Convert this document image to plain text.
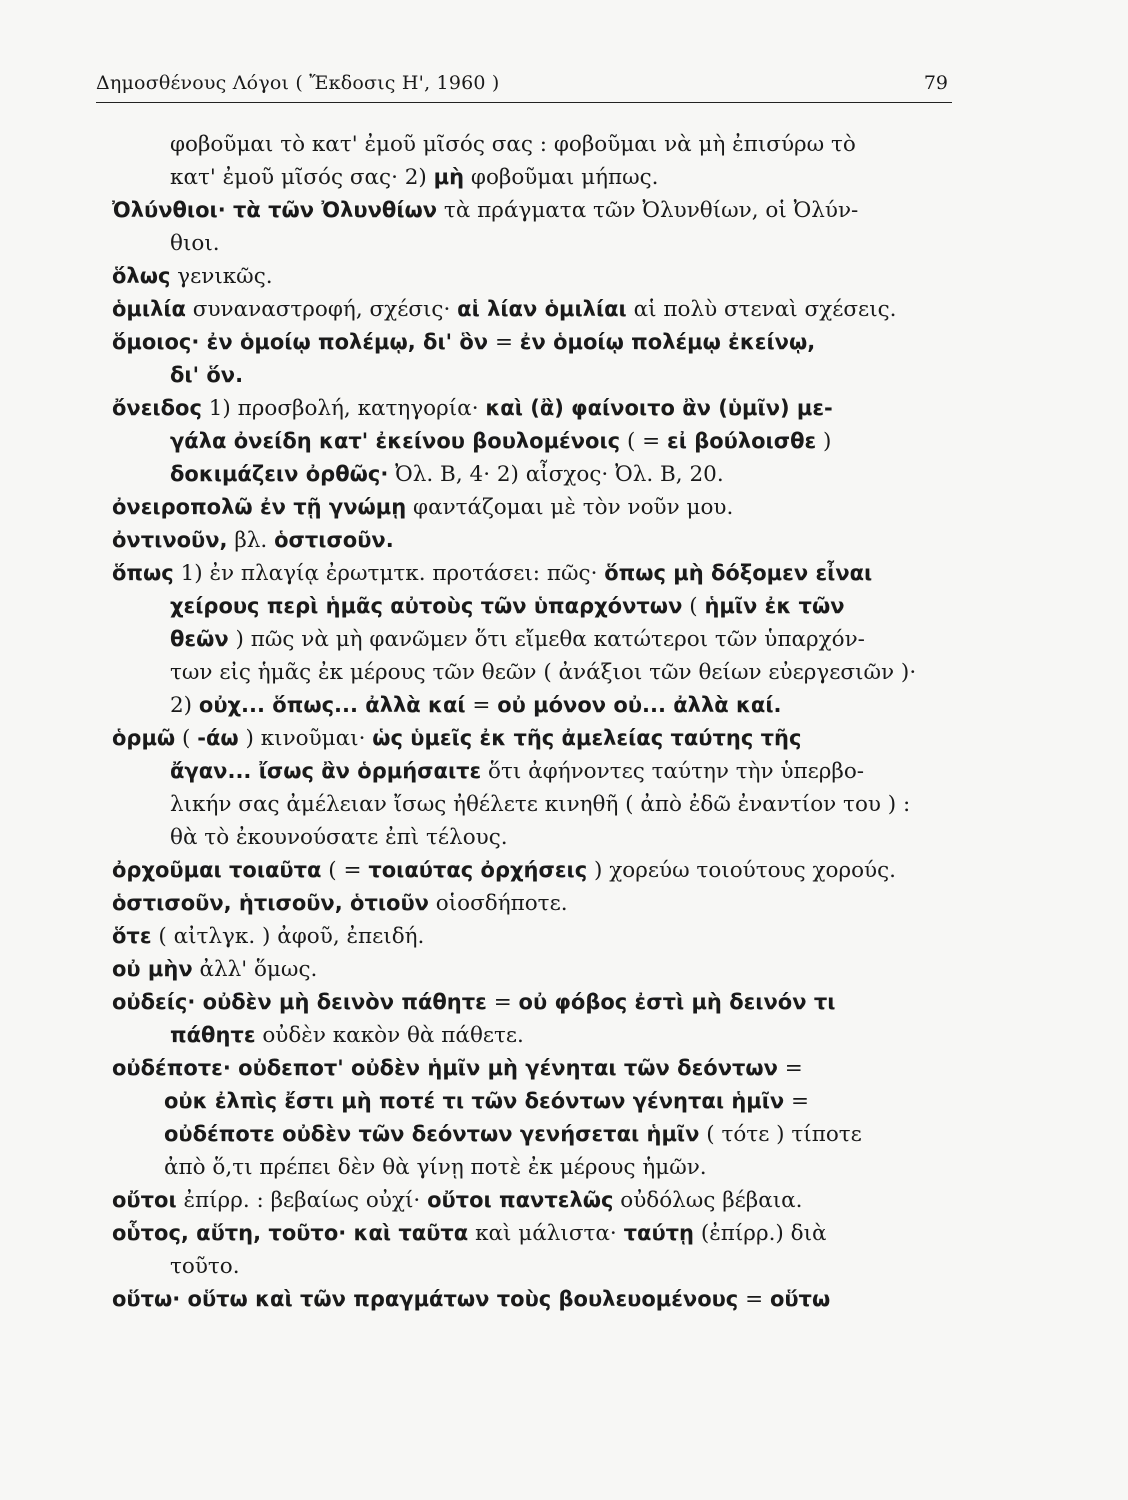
Δημοσθένους Λόγοι ( Ἔκδοσις Η', 1960 )	79
φοβοῦμαι τὸ κατ' ἐμοῦ μῖσός σας : φοβοῦμαι νὰ μὴ ἐπισύρω τὸ
κατ' ἐμοῦ μῖσός σας· 2) μὴ φοβοῦμαι μήπως.
Ὀλύνθιοι· τὰ τῶν Ὀλυνθίων τὰ πράγματα τῶν Ὀλυνθίων, οἱ Ὀλύν-
θιοι.
ὅλως γενικῶς.
ὁμιλία συναναστροφή, σχέσις· αἱ λίαν ὁμιλίαι αἱ πολὺ στεναὶ σχέσεις.
ὅμοιος· ἐν ὁμοίῳ πολέμῳ, δι' ὃν = ἐν ὁμοίῳ πολέμῳ ἐκείνῳ,
δι' ὅν.
ὄνειδος 1) προσβολή, κατηγορία· καὶ (ἂ) φαίνοιτο ἂν (ὑμῖν) με-
γάλα ὀνείδη κατ' ἐκείνου βουλομένοις ( = εἰ βούλοισθε )
δοκιμάζειν ὀρθῶς· Ὀλ. Β, 4· 2) αἶσχος· Ὀλ. Β, 20.
ὀνειροπολῶ ἐν τῇ γνώμῃ φαντάζομαι μὲ τὸν νοῦν μου.
ὀντινοῦν, βλ. ὁστισοῦν.
ὅπως 1) ἐν πλαγίᾳ ἐρωτμτκ. προτάσει: πῶς· ὅπως μὴ δόξομεν εἶναι
χείρους περὶ ἡμᾶς αὐτοὺς τῶν ὑπαρχόντων ( ἡμῖν ἐκ τῶν
θεῶν ) πῶς νὰ μὴ φανῶμεν ὅτι εἴμεθα κατώτεροι τῶν ὑπαρχόν-
των εἰς ἡμᾶς ἐκ μέρους τῶν θεῶν ( ἀνάξιοι τῶν θείων εὐεργεσιῶν )·
2) οὐχ... ὅπως... ἀλλὰ καί = οὐ μόνον οὐ... ἀλλὰ καί.
ὁρμῶ ( -άω ) κινοῦμαι· ὡς ὑμεῖς ἐκ τῆς ἀμελείας ταύτης τῆς
ἄγαν... ἴσως ἂν ὁρμήσαιτε ὅτι ἀφήνοντες ταύτην τὴν ὑπερβο-
λικήν σας ἀμέλειαν ἴσως ἠθέλετε κινηθῆ ( ἀπὸ ἐδῶ ἐναντίον του ) :
θὰ τὸ ἐκουνούσατε ἐπὶ τέλους.
ὀρχοῦμαι τοιαῦτα ( = τοιαύτας ὀρχήσεις ) χορεύω τοιούτους χορούς.
ὁστισοῦν, ἡτισοῦν, ὁτιοῦν οἱοσδήποτε.
ὅτε ( αἰτλγκ. ) ἀφοῦ, ἐπειδή.
οὐ μὴν ἀλλ' ὅμως.
οὐδείς· οὐδὲν μὴ δεινὸν πάθητε = οὐ φόβος ἐστὶ μὴ δεινόν τι
πάθητε οὐδὲν κακὸν θὰ πάθετε.
οὐδέποτε· οὐδεποτ' οὐδὲν ἡμῖν μὴ γένηται τῶν δεόντων =
οὐκ ἐλπὶς ἔστι μὴ ποτέ τι τῶν δεόντων γένηται ἡμῖν =
οὐδέποτε οὐδὲν τῶν δεόντων γενήσεται ἡμῖν ( τότε ) τίποτε
ἀπὸ ὅ,τι πρέπει δὲν θὰ γίνῃ ποτὲ ἐκ μέρους ἡμῶν.
οὔτοι ἐπίρρ. : βεβαίως οὐχί· οὔτοι παντελῶς οὐδόλως βέβαια.
οὗτος, αὕτη, τοῦτο· καὶ ταῦτα καὶ μάλιστα· ταύτῃ (ἐπίρρ.) διὰ
τοῦτο.
οὕτω· οὕτω καὶ τῶν πραγμάτων τοὺς βουλευομένους = οὕτω
